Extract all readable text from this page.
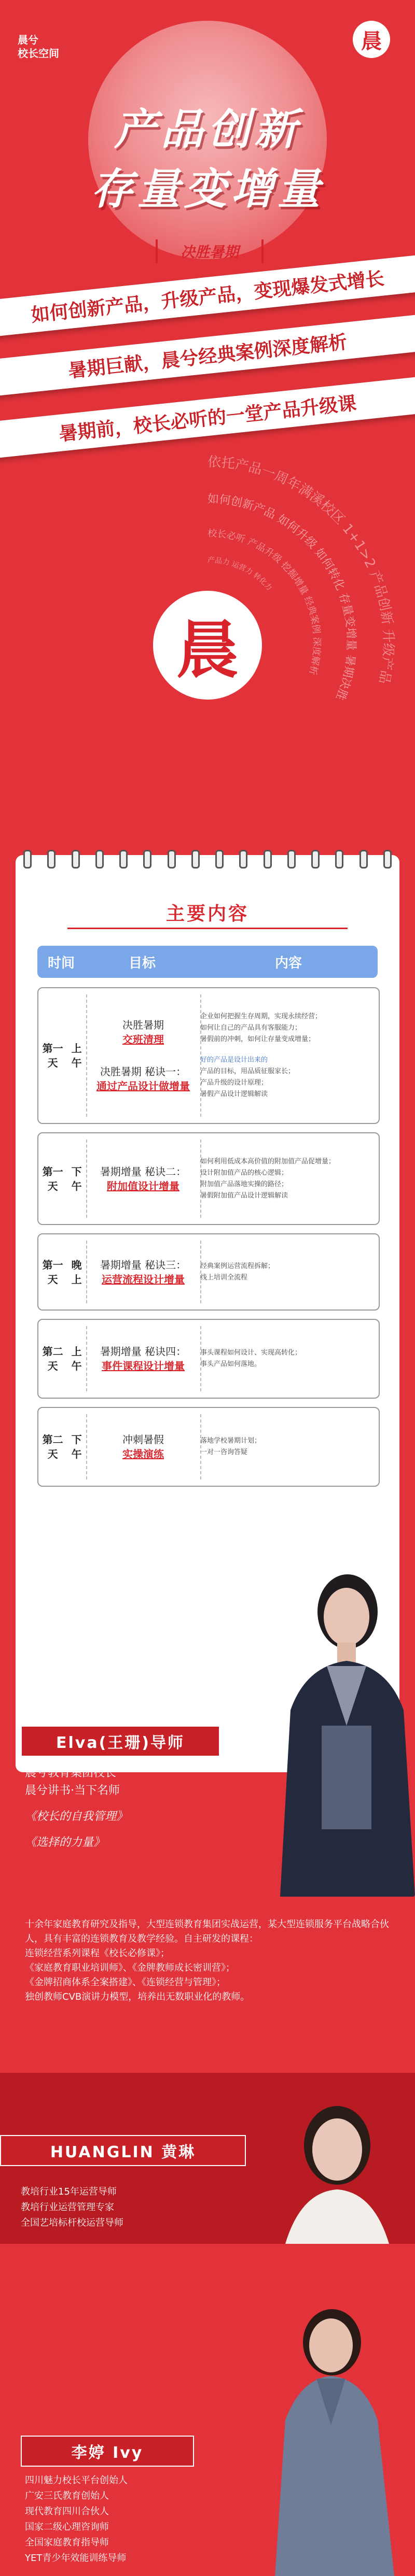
晨兮
校长空间
晨
产品创新
存量变增量
决胜暑期
如何创新产品，升级产品，变现爆发式增长
暑期巨献，晨兮经典案例深度解析
暑期前，校长必听的一堂产品升级课
依托产品一周年满溪校区 1+1>2 产品创新 升级产品
如何创新产品 如何升级 如何转化 存量变增量 暑期决胜
校长必听 产品升级 挖掘增量 经典案例 深度解析
产品力 运营力 转化力
晨
主要内容
时间	目标	内容
第一天
上午
决胜暑期
交班清理
决胜暑期 秘诀一：
通过产品设计做增量
企业如何把握生存周期，实现永续经营；
如何让自己的产品具有客服能力；
暑假前的冲刺，如何让存量变成增量；
好的产品是设计出来的
产品的目标，用品质征服家长；
产品升级的设计原理；
暑假产品设计逻辑解读
第一天
下午
暑期增量 秘诀二：
附加值设计增量
如何利用低成本高价值的附加值产品促增量；
设计附加值产品的核心逻辑；
附加值产品落地实操的路径；
暑假附加值产品设计逻辑解读
第一天
晚上
暑期增量 秘诀三：
运营流程设计增量
经典案例运营流程拆解；
线上培训全流程
第二天
上午
暑期增量 秘诀四：
事件课程设计增量
事头课程如何设计、实现高转化；
事头产品如何落地。
第二天
下午
冲刺暑假
实操演练
落地学校暑期计划；
一对一咨询答疑
Elva(王珊)导师
晨兮教育集团校长
晨兮讲书·当下名师
《校长的自我管理》
《选择的力量》
十余年家庭教育研究及指导，大型连锁教育集团实战运营，某大型连锁服务平台战略合伙人，具有丰富的连锁教育及教学经验。自主研发的课程：
连锁经营系列课程《校长必修课》；
《家庭教育职业培训师》、《金牌教师成长密训营》；
《金牌招商体系全案搭建》、《连锁经营与管理》；
独创教师CVB演讲力模型，培养出无数职业化的教师。
HUANGLIN 黄琳
教培行业15年运营导师
教培行业运营管理专家
全国艺培标杆校运营导师
李婷 Ivy
四川魅力校长平台创始人
广安三氏教育创始人
现代教育四川合伙人
国家二级心理咨询师
全国家庭教育指导师
YET青少年效能训练导师
